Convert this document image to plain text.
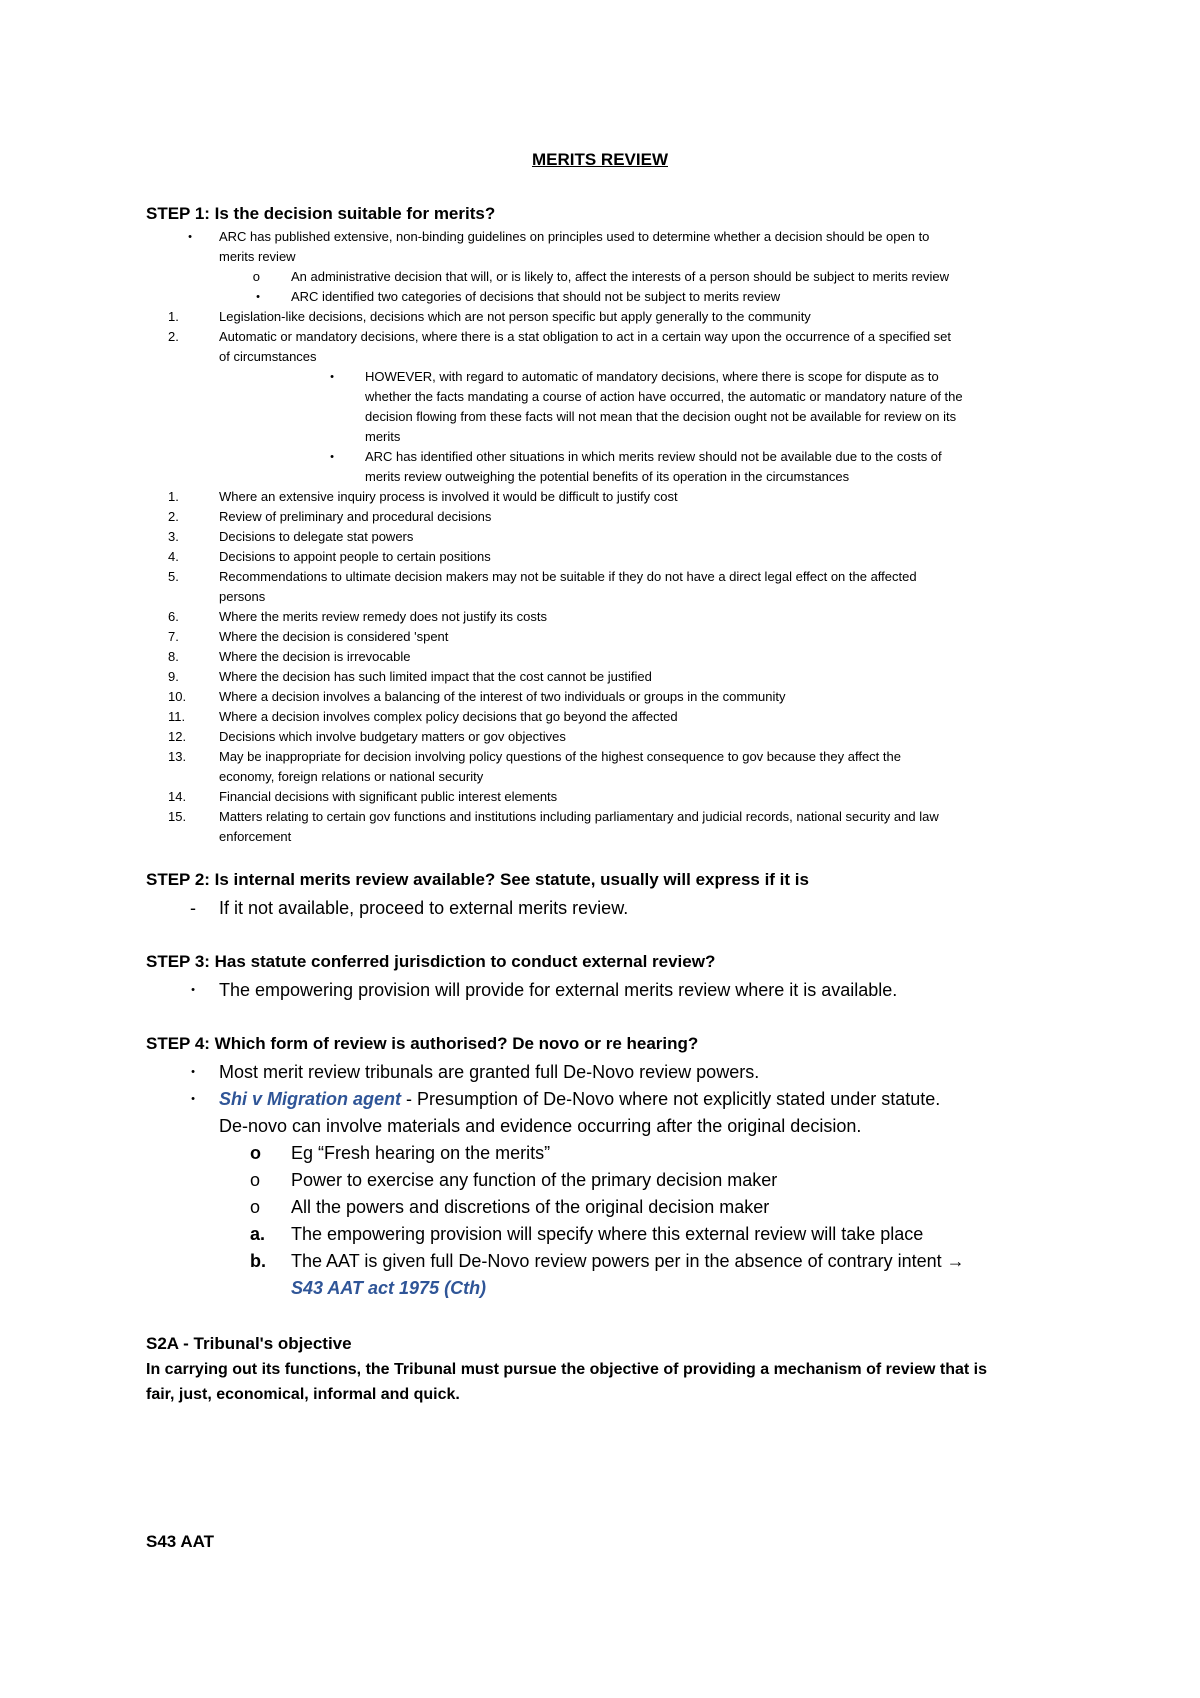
MERITS REVIEW
STEP 1: Is the decision suitable for merits?
• ARC has published extensive, non-binding guidelines on principles used to determine whether a decision should be open to
merits review
o An administrative decision that will, or is likely to, affect the interests of a person should be subject to merits review
• ARC identified two categories of decisions that should not be subject to merits review
1.	Legislation-like decisions, decisions which are not person specific but apply generally to the community
2.	Automatic or mandatory decisions, where there is a stat obligation to act in a certain way upon the occurrence of a specified set
of circumstances
• HOWEVER, with regard to automatic of mandatory decisions, where there is scope for dispute as to
whether the facts mandating a course of action have occurred, the automatic or mandatory nature of the
decision flowing from these facts will not mean that the decision ought not be available for review on its
merits
• ARC has identified other situations in which merits review should not be available due to the costs of
merits review outweighing the potential benefits of its operation in the circumstances
1.	Where an extensive inquiry process is involved it would be difficult to justify cost
2.	Review of preliminary and procedural decisions
3.	Decisions to delegate stat powers
4.	Decisions to appoint people to certain positions
5.	Recommendations to ultimate decision makers may not be suitable if they do not have a direct legal effect on the affected
persons
6.	Where the merits review remedy does not justify its costs
7.	Where the decision is considered 'spent
8.	Where the decision is irrevocable
9.	Where the decision has such limited impact that the cost cannot be justified
10.	Where a decision involves a balancing of the interest of two individuals or groups in the community
11.	Where a decision involves complex policy decisions that go beyond the affected
12.	Decisions which involve budgetary matters or gov objectives
13.	May be inappropriate for decision involving policy questions of the highest consequence to gov because they affect the
economy, foreign relations or national security
14.	Financial decisions with significant public interest elements
15.	Matters relating to certain gov functions and institutions including parliamentary and judicial records, national security and law
enforcement
STEP 2: Is internal merits review available? See statute, usually will express if it is
- If it not available, proceed to external merits review.
STEP 3: Has statute conferred jurisdiction to conduct external review?
• The empowering provision will provide for external merits review where it is available.
STEP 4: Which form of review is authorised? De novo or re hearing?
• Most merit review tribunals are granted full De-Novo review powers.
• Shi v Migration agent - Presumption of De-Novo where not explicitly stated under statute.
De-novo can involve materials and evidence occurring after the original decision.
o	Eg “Fresh hearing on the merits”
o	Power to exercise any function of the primary decision maker
o	All the powers and discretions of the original decision maker
a.	The empowering provision will specify where this external review will take place
b.	The AAT is given full De-Novo review powers per in the absence of contrary intent →
S43 AAT act 1975 (Cth)
S2A - Tribunal's objective
In carrying out its functions, the Tribunal must pursue the objective of providing a mechanism of review that is
fair, just, economical, informal and quick.
S43 AAT
